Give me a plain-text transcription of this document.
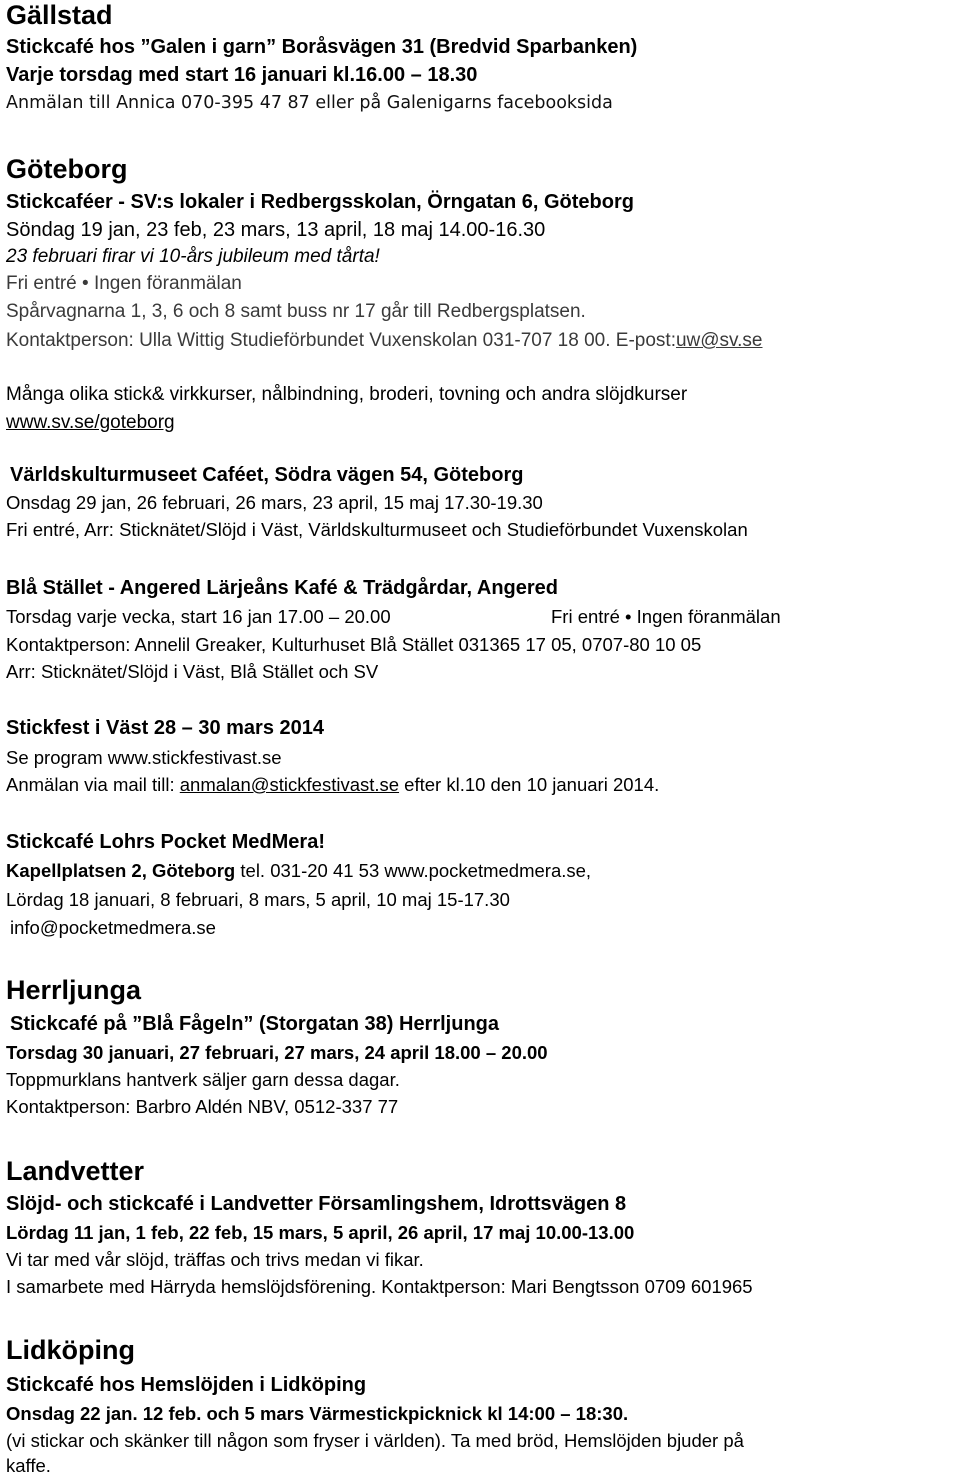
Gällstad
Stickcafé hos ”Galen i garn” Boråsvägen 31 (Bredvid Sparbanken)
Varje torsdag med start 16 januari kl.16.00 – 18.30
Anmälan till Annica 070-395 47 87 eller på Galenigarns facebooksida
Göteborg
Stickcaféer - SV:s lokaler i Redbergsskolan, Örngatan 6, Göteborg
Söndag 19 jan, 23 feb, 23 mars, 13 april, 18 maj 14.00-16.30
23 februari firar vi 10-års jubileum med tårta!
Fri entré • Ingen föranmälan
Spårvagnarna 1, 3, 6 och 8 samt buss nr 17 går till Redbergsplatsen.
Kontaktperson: Ulla Wittig Studieförbundet Vuxenskolan 031-707 18 00. E-post:uw@sv.se
Många olika stick& virkkurser, nålbindning, broderi, tovning och andra slöjdkurser
www.sv.se/goteborg
Världskulturmuseet Caféet, Södra vägen 54, Göteborg
Onsdag 29 jan, 26 februari, 26 mars, 23 april, 15 maj 17.30-19.30
Fri entré, Arr: Sticknätet/Slöjd i Väst, Världskulturmuseet och Studieförbundet Vuxenskolan
Blå Stället - Angered Lärjeåns Kafé & Trädgårdar, Angered
Torsdag varje vecka, start 16 jan 17.00 – 20.00	Fri entré • Ingen föranmälan
Kontaktperson: Annelil Greaker, Kulturhuset Blå Stället 031365 17 05, 0707-80 10 05
Arr: Sticknätet/Slöjd i Väst, Blå Stället och SV
Stickfest i Väst 28 – 30 mars 2014
Se program www.stickfestivast.se
Anmälan via mail till: anmalan@stickfestivast.se efter kl.10 den 10 januari 2014.
Stickcafé Lohrs Pocket MedMera!
Kapellplatsen 2, Göteborg tel. 031-20 41 53 www.pocketmedmera.se,
Lördag 18 januari, 8 februari, 8 mars, 5 april, 10 maj 15-17.30
info@pocketmedmera.se
Herrljunga
Stickcafé på ”Blå Fågeln” (Storgatan 38) Herrljunga
Torsdag 30 januari, 27 februari, 27 mars, 24 april 18.00 – 20.00
Toppmurklans hantverk säljer garn dessa dagar.
Kontaktperson: Barbro Aldén NBV, 0512-337 77
Landvetter
Slöjd- och stickcafé i Landvetter Församlingshem, Idrottsvägen 8
Lördag 11 jan, 1 feb, 22 feb, 15 mars, 5 april, 26 april, 17 maj 10.00-13.00
Vi tar med vår slöjd, träffas och trivs medan vi fikar.
I samarbete med Härryda hemslöjdsförening. Kontaktperson: Mari Bengtsson 0709 601965
Lidköping
Stickcafé hos Hemslöjden i Lidköping
Onsdag 22 jan. 12 feb. och 5 mars Värmestickpicknick kl 14:00 – 18:30.
(vi stickar och skänker till någon som fryser i världen). Ta med bröd, Hemslöjden bjuder på
kaffe.
